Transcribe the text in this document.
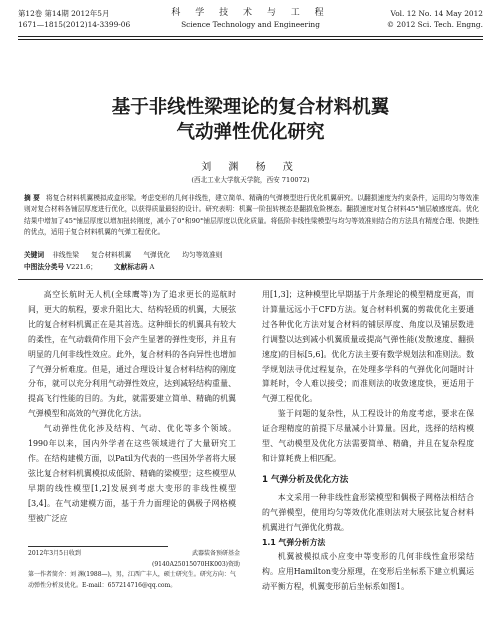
第12卷 第14期 2012年5月
1671—1815(2012)14-3399-06
科 学 技 术 与 工 程
Science Technology and Engineering
Vol. 12 No. 14 May 2012
© 2012 Sci. Tech. Engng.
基于非线性梁理论的复合材料机翼
气动弹性优化研究
刘 渊 杨 茂
(西北工业大学航天学院，西安 710072)
摘 要 将复合材料机翼模拟成盒形梁。考虑变形的几何非线性，建立简单、精确的气弹模型进行优化机翼研究。以翻损速度为约束条件，运用均匀等效准则对复合材料各铺层厚度进行优化，以获得质量最轻的设计。研究表明：机翼一阶扭转模态是翻损危险模态。翻损速度对复合材料45°铺层敏感度高。优化结果中增加了45°铺层厚度以增加扭转刚度，减小了0°和90°铺层厚度以优化质量。将低阶非线性梁模型与均匀等效准则结合的方法具有精度合理、快捷性的优点，适用于复合材料机翼的气弹工程优化。
关键词 非线性梁 复合材料机翼 气弹优化 均匀等效准则
中图法分类号 V221.6；	文献标志码 A

高空长航时无人机(全球鹰等)为了追求更长的巡航时间，更大的航程，要求升阻比大、结构轻质的机翼，大展弦比的复合材料机翼正在是其首选。这种细长的机翼具有较大的柔性，在气动载荷作用下会产生显著的弹性变形，并且有明显的几何非线性效应。此外，复合材料的各向异性也增加了气弹分析难度。但是，通过合理设计复合材料结构的刚度分布，就可以充分利用气动弹性效应，达到减轻结构重量、提高飞行性能的目的。为此，就需要建立简单、精确的机翼气弹模型和高效的气弹优化方法。

气动弹性优化涉及结构、气动、优化等多个领域。1990年以来，国内外学者在这些领域进行了大量研究工作。在结构建模方面，以Patil为代表的一些国外学者将大展弦比复合材料机翼模拟成低阶、精确的梁模型；这些模型从早期的线性模型[1,2]发展到考虑大变形的非线性模型[3,4]。在气动建模方面，基于升力面理论的偶极子网格模型被广泛应

用[1,3]；这种模型比早期基于片条理论的模型精度更高，而计算量远远小于CFD方法。复合材料机翼的剪裁优化主要通过各种优化方法对复合材料的铺层厚度、角度以及铺层数进行调整以达到减小机翼质量或提高气弹性能(发散速度、翻损速度)的目标[5,6]。优化方法主要有数学规划法和准则法。数学规划法寻优过程复杂，在处理多学科的气弹优化问题时计算耗时，令人难以接受；而准则法的收敛速度快，更适用于气弹工程优化。

鉴于问题的复杂性，从工程设计的角度考虑，要求在保证合理精度的前提下尽量减小计算量。因此，选择的结构模型、气动模型及优化方法需要简单、精确，并且在复杂程度和计算耗费上相匹配。

1 气弹分析及优化方法

本文采用一种非线性盒形梁模型和偶极子网格法相结合的气弹模型，使用均匀等效优化准则法对大展弦比复合材料机翼进行气弹优化剪裁。

1.1 气弹分析方法

机翼被模拟成小应变中等变形的几何非线性盒形梁结构。应用Hamilton变分原理，在变形后坐标系下建立机翼运动平衡方程，机翼变形前后坐标系如图1。

2012年3月5日收到	武器装备预研基金
(9140A25015070HK003)资助
第一作者简介：刘 渊(1988—)，男，江西广丰人，硕士研究生。研究方向：气动弹性分析及优化。E-mail：657214716@qq.com。
